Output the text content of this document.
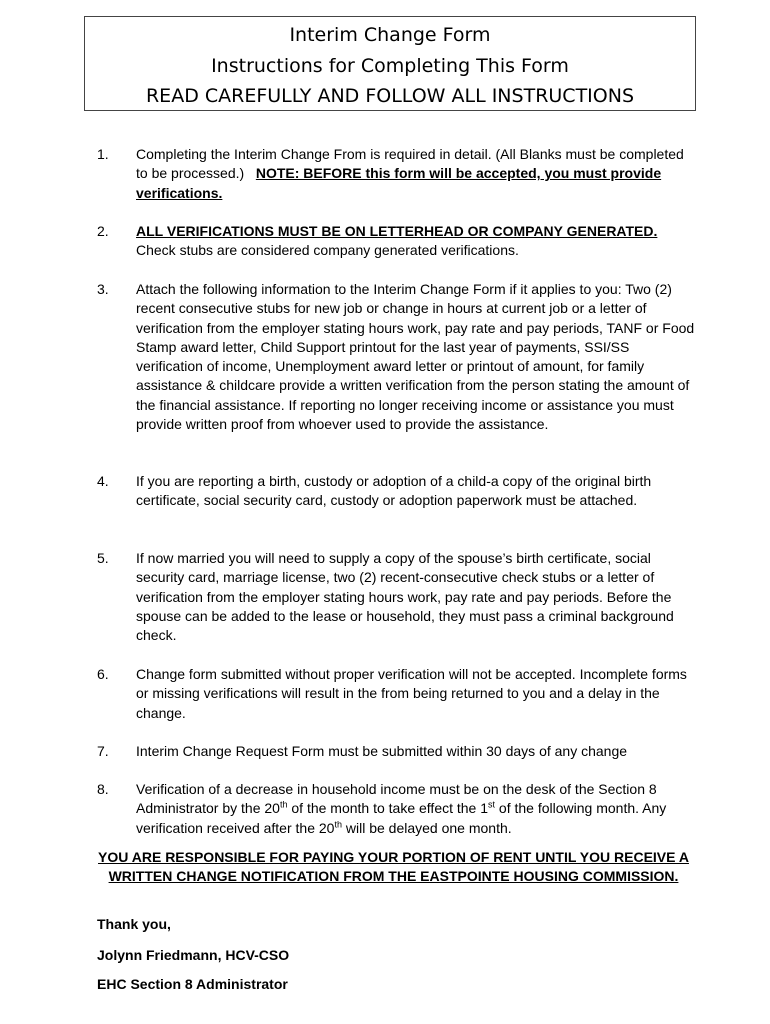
Interim Change Form
Instructions for Completing This Form
READ CAREFULLY AND FOLLOW ALL INSTRUCTIONS
1. Completing the Interim Change From is required in detail. (All Blanks must be completed to be processed.) NOTE: BEFORE this form will be accepted, you must provide verifications.
2. ALL VERIFICATIONS MUST BE ON LETTERHEAD OR COMPANY GENERATED.   Check stubs are considered company generated verifications.
3. Attach the following information to the Interim Change Form if it applies to you: Two (2) recent consecutive stubs for new job or change in hours at current job or a letter of verification from the employer stating hours work, pay rate and pay periods, TANF or Food Stamp award letter, Child Support printout for the last year of payments, SSI/SS verification of income, Unemployment award letter or printout of amount, for family assistance & childcare provide a written verification from the person stating the amount of the financial assistance. If reporting no longer receiving income or assistance you must provide written proof from whoever used to provide the assistance.
4. If you are reporting a birth, custody or adoption of a child-a copy of the original birth certificate, social security card, custody or adoption paperwork must be attached.
5. If now married you will need to supply a copy of the spouse’s birth certificate, social security card, marriage license, two (2) recent-consecutive check stubs or a letter of verification from the employer stating hours work, pay rate and pay periods. Before the spouse can be added to the lease or household, they must pass a criminal background check.
6. Change form submitted without proper verification will not be accepted. Incomplete forms or missing verifications will result in the from being returned to you and a delay in the change.
7. Interim Change Request Form must be submitted within 30 days of any change
8. Verification of a decrease in household income must be on the desk of the Section 8 Administrator by the 20th of the month to take effect the 1st of the following month. Any verification received after the 20th will be delayed one month.
YOU ARE RESPONSIBLE FOR PAYING YOUR PORTION OF RENT UNTIL YOU RECEIVE A WRITTEN CHANGE NOTIFICATION FROM THE EASTPOINTE HOUSING COMMISSION.
Thank you,
Jolynn Friedmann, HCV-CSO
EHC Section 8 Administrator
